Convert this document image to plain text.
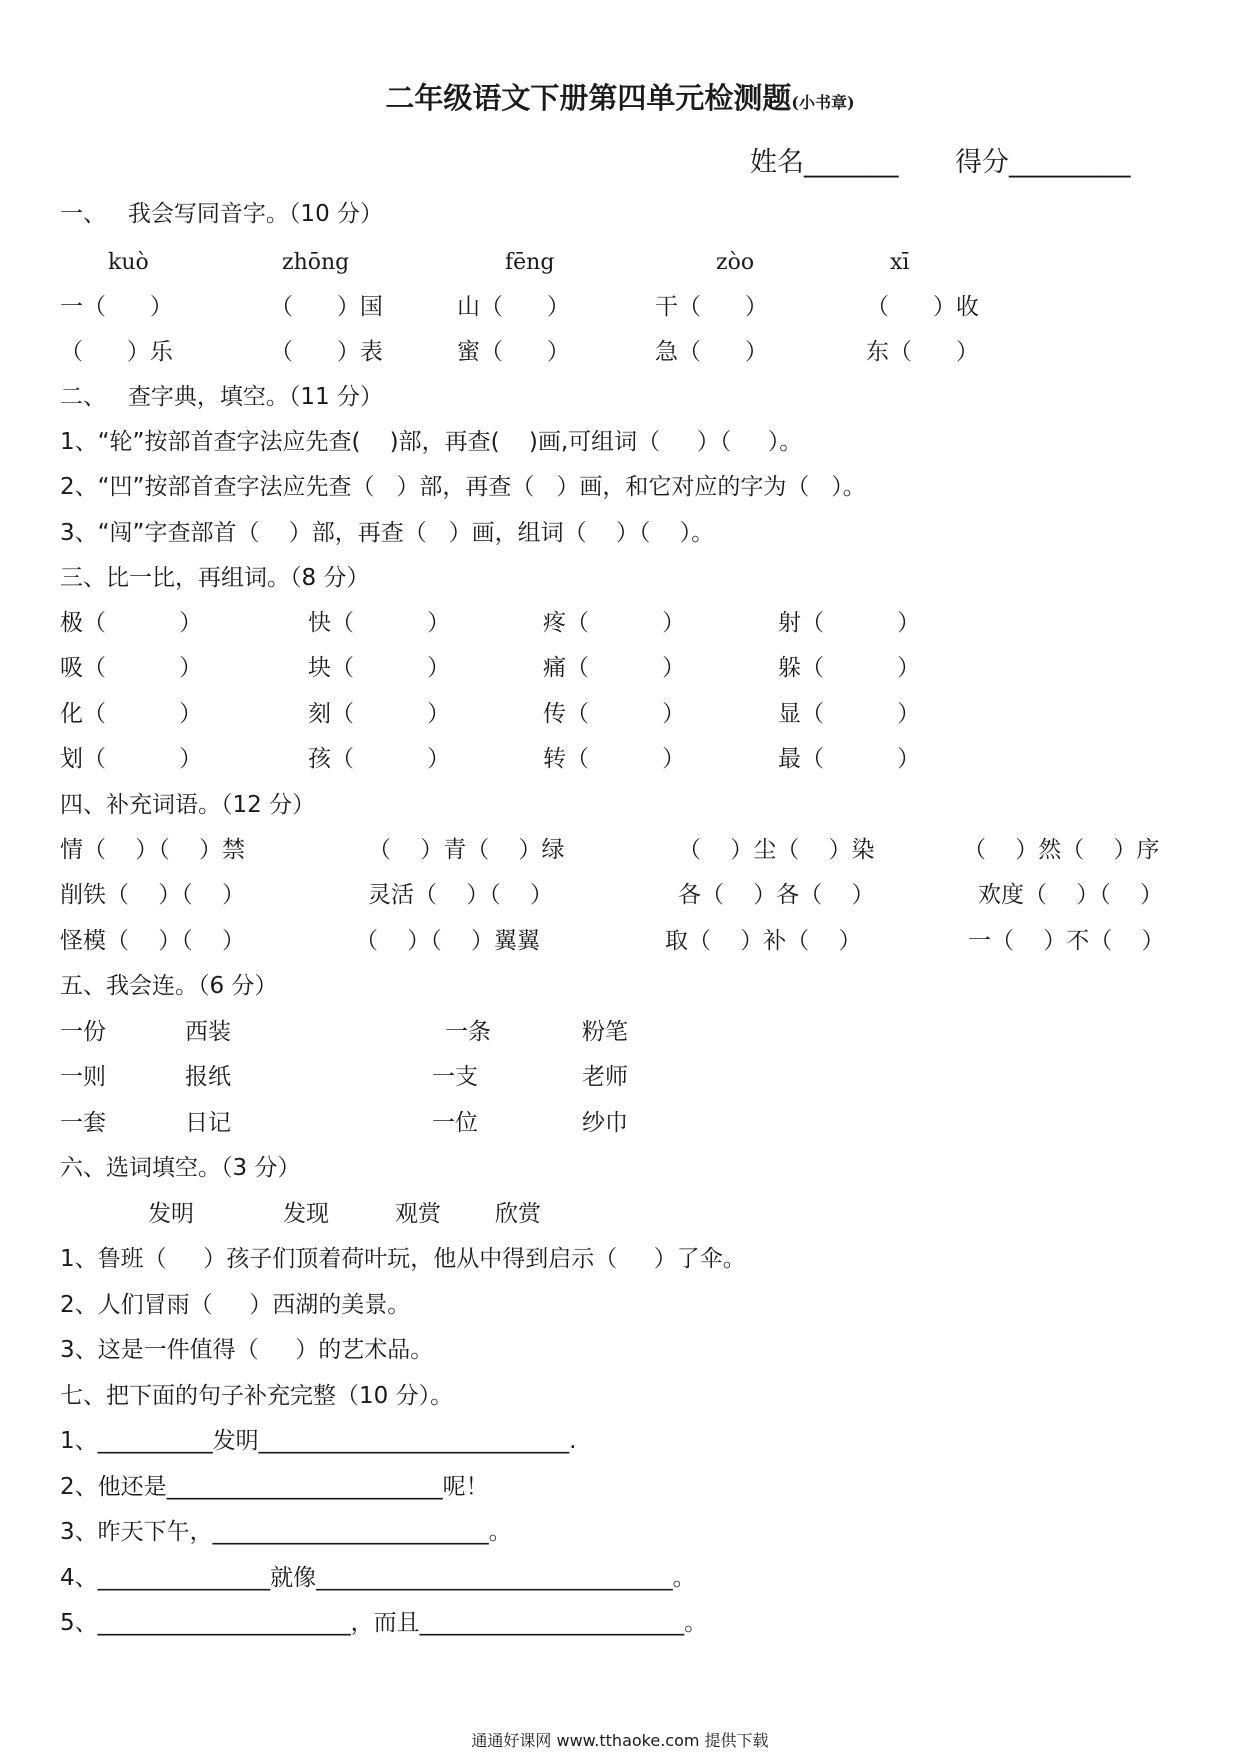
二年级语文下册第四单元检测题(小书章)
姓名_______ 得分_________
一、   我会写同音字。（10 分）
kuò	zhōng	fēng	zòo	xī
一（      ）	（      ）国	山（      ）	干（      ）	（      ）收
（      ）乐	（      ）表	蜜（      ）	急（      ）	东（      ）
二、   查字典，填空。（11 分）
1、“轮”按部首查字法应先查(    )部，再查(    )画,可组词（     ）（     ）。
2、“凹”按部首查字法应先查（   ）部，再查（   ）画，和它对应的字为（   ）。
3、“闯”字查部首（    ）部，再查（   ）画，组词（    ）（    ）。
三、比一比，再组词。（8 分）
极（          ）	快（          ）	疼（          ）	射（          ）
吸（          ）	块（          ）	痛（          ）	躲（          ）
化（          ）	刻（          ）	传（          ）	显（          ）
划（          ）	孩（          ）	转（          ）	最（          ）
四、补充词语。（12 分）
情（    ）（    ）禁	（    ）青（    ）绿	（    ）尘（    ）染	（    ）然（    ）序
削铁（    ）（    ）	灵活（    ）（    ）	各（    ）各（    ）	欢度（    ）（    ）
怪模（    ）（    ）	（    ）（    ）翼翼	取（    ）补（    ）	一（    ）不（    ）
五、我会连。（6 分）
一份	西装	一条	粉笔
一则	报纸	一支	老师
一套	日记	一位	纱巾
六、选词填空。（3 分）
发明	发现	观赏 欣赏
1、鲁班（     ）孩子们顶着荷叶玩，他从中得到启示（     ）了伞。
2、人们冒雨（     ）西湖的美景。
3、这是一件值得（     ）的艺术品。
七、把下面的句子补充完整（10 分）。
1、__________发明___________________________.
2、他还是________________________呢！
3、昨天下午，________________________。
4、_______________就像_______________________________。
5、______________________，而且_______________________。
通通好课网 www.tthaoke.com 提供下载
